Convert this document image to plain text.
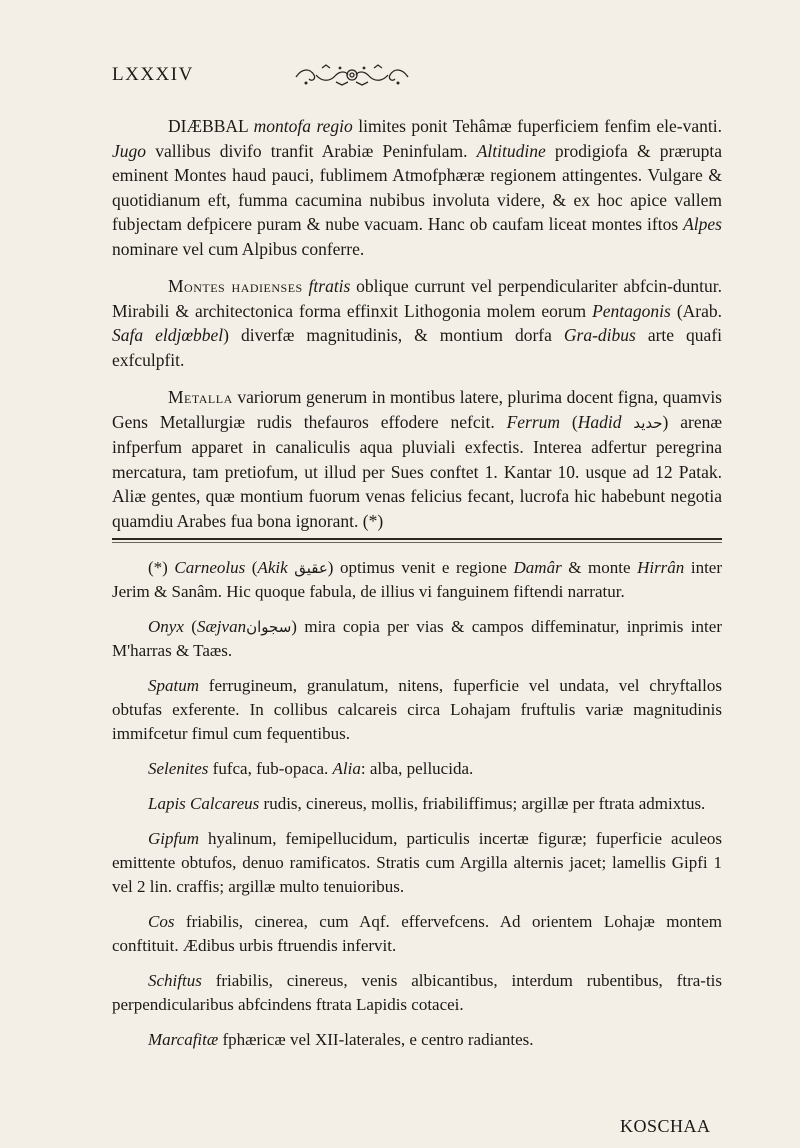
LXXXIV

DIÆBBAL montofa regio limites ponit Tehâmæ fuperficiem fenfim ele-vanti. Jugo vallibus divifo tranfit Arabiæ Peninfulam. Altitudine prodigiofa & prærupta eminent Montes haud pauci, fublimem Atmofphæræ regionem attingentes. Vulgare & quotidianum eft, fumma cacumina nubibus involuta videre, & ex hoc apice vallem fubjectam defpicere puram & nube vacuam. Hanc ob caufam liceat montes iftos Alpes nominare vel cum Alpibus conferre.

Montes hadienses ftratis oblique currunt vel perpendiculariter abfcin-duntur. Mirabili & architectonica forma effinxit Lithogonia molem eorum Pentagonis (Arab. Safa eldjœbbel) diverfæ magnitudinis, & montium dorfa Gra-dibus arte quafi exfculpfit.

Metalla variorum generum in montibus latere, plurima docent figna, quamvis Gens Metallurgiæ rudis thefauros effodere nefcit. Ferrum (Hadid حديد) arenæ infperfum apparet in canaliculis aqua pluviali exfectis. Interea adfertur peregrina mercatura, tam pretiofum, ut illud per Sues conftet 1. Kantar 10. usque ad 12 Patak. Aliæ gentes, quæ montium fuorum venas felicius fecant, lucrofa hic habebunt negotia quamdiu Arabes fua bona ignorant. (*)

(*) Carneolus (Akik عقيق) optimus venit e regione Damâr & monte Hirrân inter Jerim & Sanâm. Hic quoque fabula, de illius vi fanguinem fiftendi narratur.

Onyx (Sæjvanسجوان) mira copia per vias & campos diffeminatur, inprimis inter M'harras & Taæs.

Spatum ferrugineum, granulatum, nitens, fuperficie vel undata, vel chryftallos obtufas exferente. In collibus calcareis circa Lohajam fruftulis variæ magnitudinis immifcetur fimul cum fequentibus.

Selenites fufca, fub-opaca. Alia: alba, pellucida.

Lapis Calcareus rudis, cinereus, mollis, friabiliffimus; argillæ per ftrata admixtus.

Gipfum hyalinum, femipellucidum, particulis incertæ figuræ; fuperficie aculeos emittente obtufos, denuo ramificatos. Stratis cum Argilla alternis jacet; lamellis Gipfi 1 vel 2 lin. craffis; argillæ multo tenuioribus.

Cos friabilis, cinerea, cum Aqf. effervefcens. Ad orientem Lohajæ montem conftituit. Ædibus urbis ftruendis infervit.

Schiftus friabilis, cinereus, venis albicantibus, interdum rubentibus, ftra-tis perpendicularibus abfcindens ftrata Lapidis cotacei.

Marcafitæ fphæricæ vel XII-laterales, e centro radiantes.

KOSCHAA
